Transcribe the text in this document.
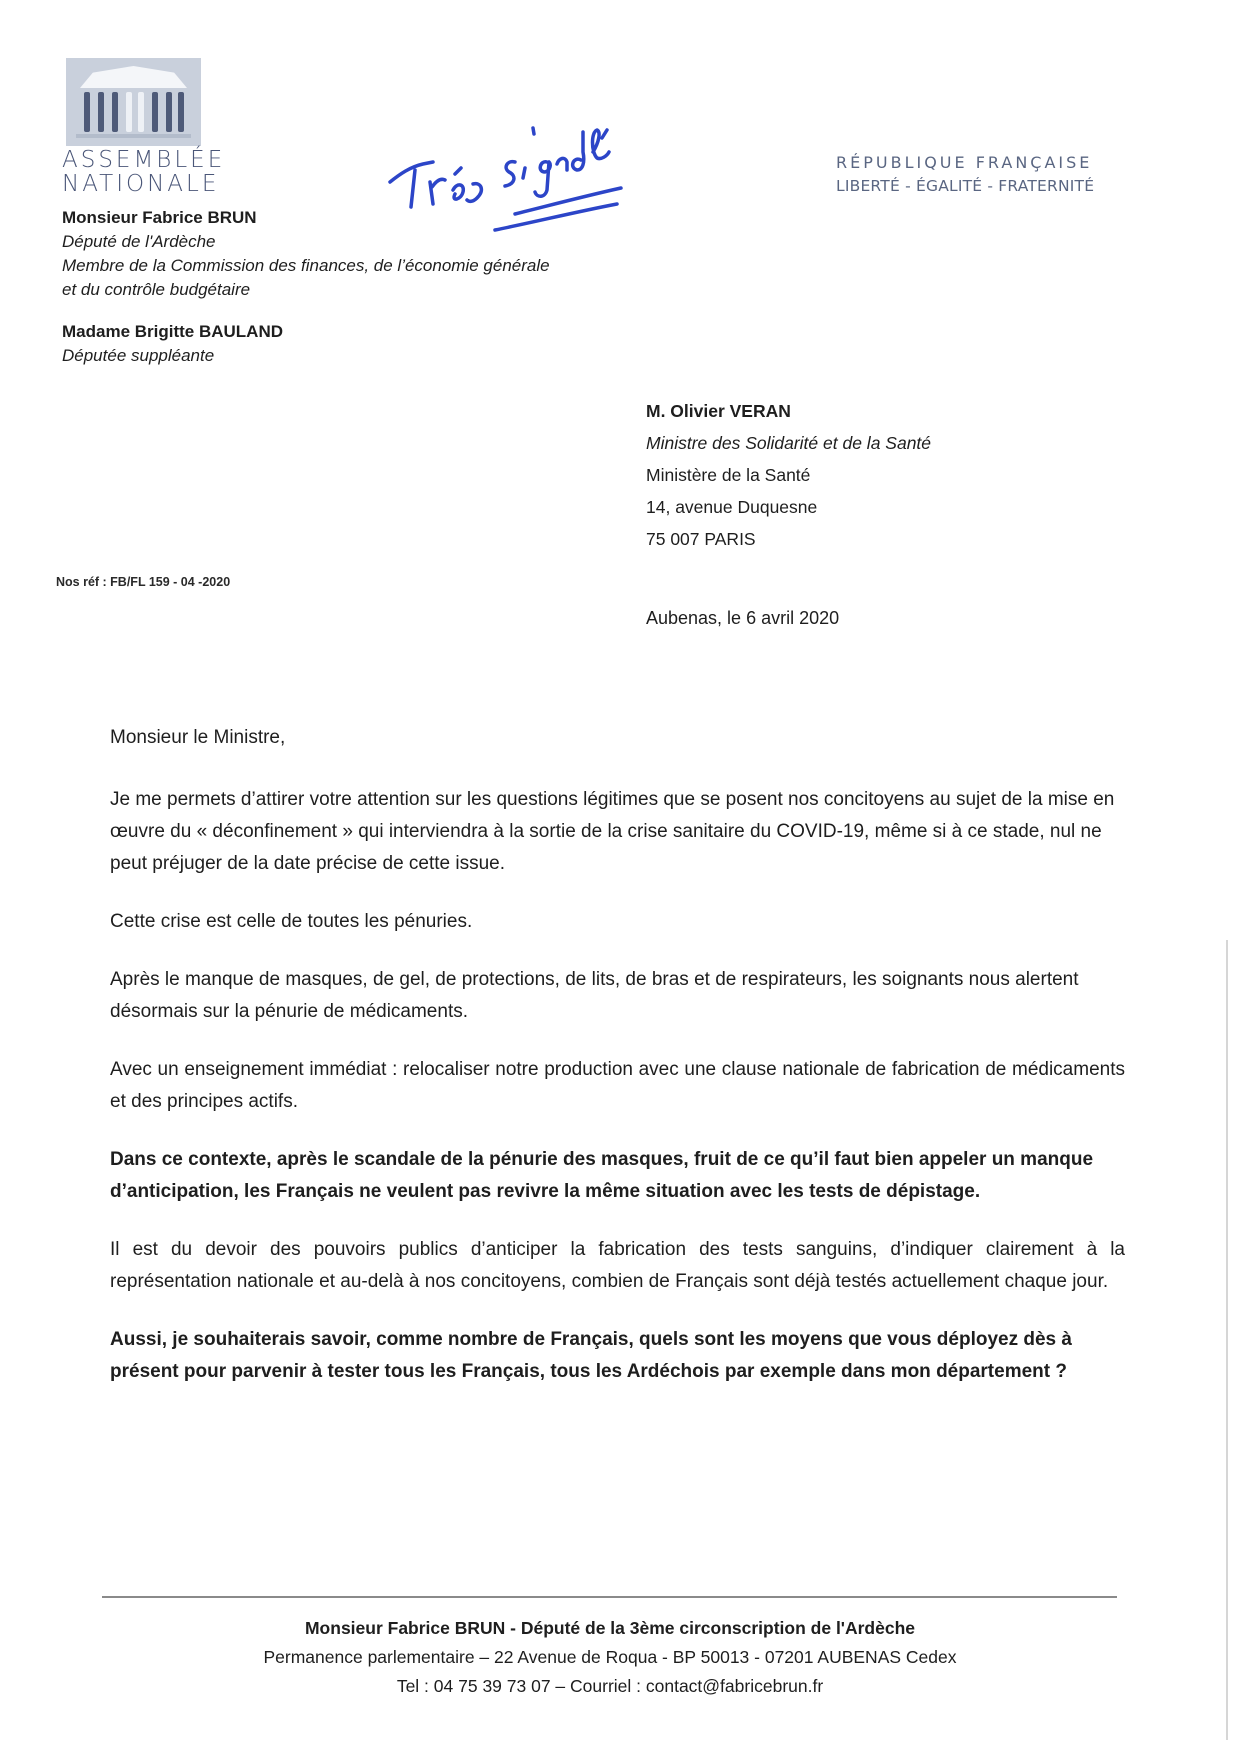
ASSEMBLÉE
NATIONALE
RÉPUBLIQUE FRANÇAISE
LIBERTÉ - ÉGALITÉ - FRATERNITÉ
Monsieur Fabrice BRUN
Député de l'Ardèche
Membre de la Commission des finances, de l’économie générale
et du contrôle budgétaire
Madame Brigitte BAULAND
Députée suppléante
M. Olivier VERAN
Ministre des Solidarité et de la Santé
Ministère de la Santé
14, avenue Duquesne
75 007 PARIS
Nos réf : FB/FL 159 - 04 -2020
Aubenas, le 6 avril 2020

Monsieur le Ministre,

Je me permets d’attirer votre attention sur les questions légitimes que se posent nos concitoyens au sujet de la mise en œuvre du « déconfinement » qui interviendra à la sortie de la crise sanitaire du COVID-19, même si à ce stade, nul ne peut préjuger de la date précise de cette issue.

Cette crise est celle de toutes les pénuries.

Après le manque de masques, de gel, de protections, de lits, de bras et de respirateurs, les soignants nous alertent désormais sur la pénurie de médicaments.

Avec un enseignement immédiat : relocaliser notre production avec une clause nationale de fabrication de médicaments et des principes actifs.

Dans ce contexte, après le scandale de la pénurie des masques, fruit de ce qu’il faut bien appeler un manque d’anticipation, les Français ne veulent pas revivre la même situation avec les tests de dépistage.

Il est du devoir des pouvoirs publics d’anticiper la fabrication des tests sanguins, d’indiquer clairement à la représentation nationale et au-delà à nos concitoyens, combien de Français sont déjà testés actuellement chaque jour.

Aussi, je souhaiterais savoir, comme nombre de Français, quels sont les moyens que vous déployez dès à présent pour parvenir à tester tous les Français, tous les Ardéchois par exemple dans mon département ?

Monsieur Fabrice BRUN - Député de la 3ème circonscription de l'Ardèche
Permanence parlementaire – 22 Avenue de Roqua - BP 50013 - 07201 AUBENAS Cedex
Tel : 04 75 39 73 07 – Courriel : contact@fabricebrun.fr
